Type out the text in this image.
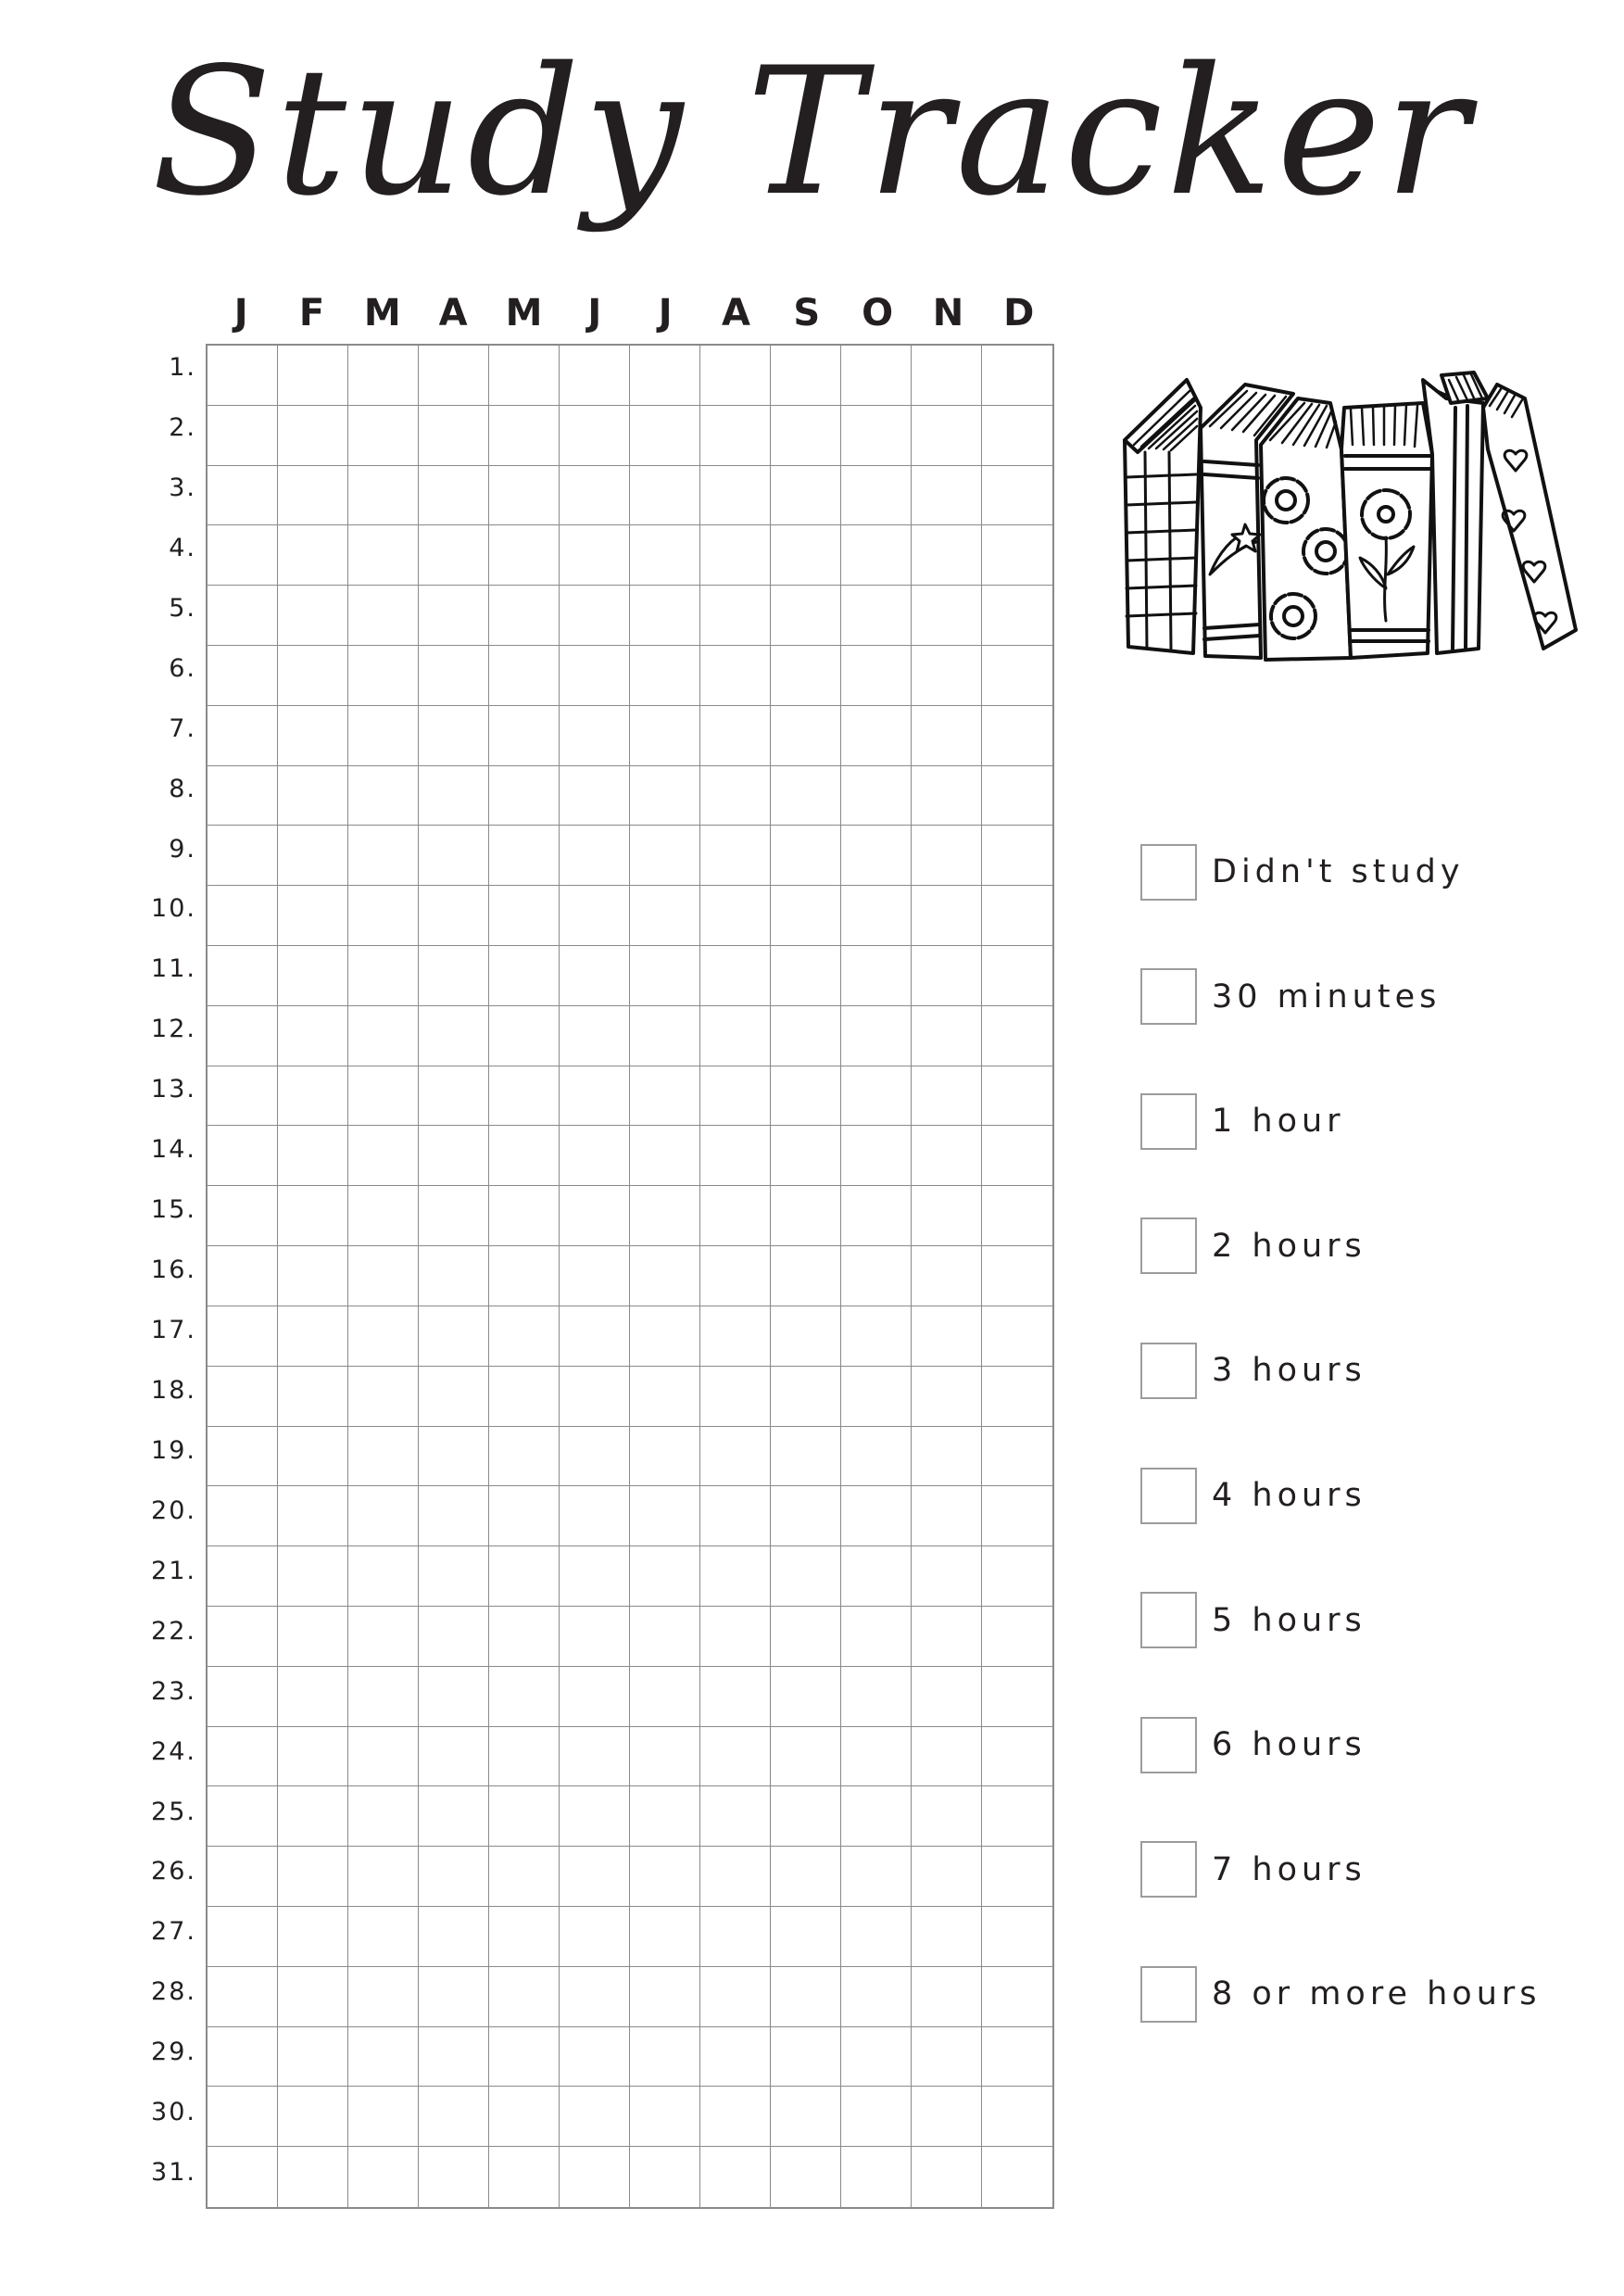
Study Tracker
J	F	M	A	M	J	J	A	S	O	N	D
1.
2.
3.
4.
5.
6.
7.
8.
9.
10.
11.
12.
13.
14.
15.
16.
17.
18.
19.
20.
21.
22.
23.
24.
25.
26.
27.
28.
29.
30.
31.
Didn't study
30 minutes
1 hour
2 hours
3 hours
4 hours
5 hours
6 hours
7 hours
8 or more hours
